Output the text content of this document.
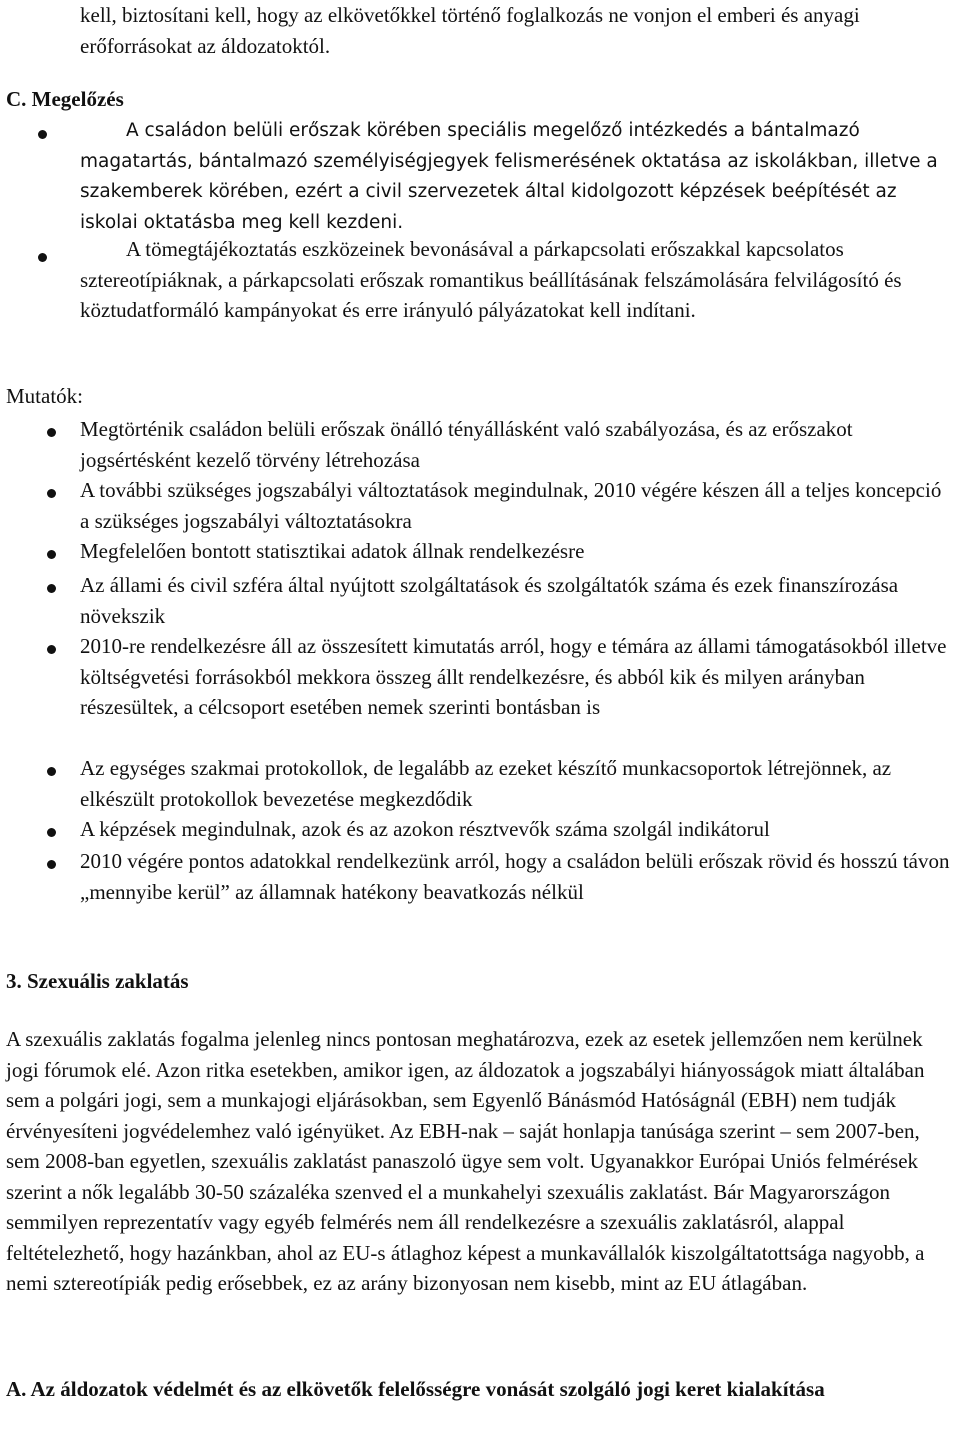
kell, biztosítani kell, hogy az elkövetőkkel történő foglalkozás ne vonjon el emberi és anyagi erőforrásokat az áldozatoktól.

C. Megelőzés

A családon belüli erőszak körében speciális megelőző intézkedés a bántalmazó magatartás, bántalmazó személyiségjegyek felismerésének oktatása az iskolákban, illetve a szakemberek körében, ezért a civil szervezetek által kidolgozott képzések beépítését az iskolai oktatásba meg kell kezdeni.

A tömegtájékoztatás eszközeinek bevonásával a párkapcsolati erőszakkal kapcsolatos sztereotípiáknak, a párkapcsolati erőszak romantikus beállításának felszámolására felvilágosító és köztudatformáló kampányokat és erre irányuló pályázatokat kell indítani.

Mutatók:

Megtörténik családon belüli erőszak önálló tényállásként való szabályozása, és az erőszakot jogsértésként kezelő törvény létrehozása

A további szükséges jogszabályi változtatások megindulnak, 2010 végére készen áll a teljes koncepció a szükséges jogszabályi változtatásokra

Megfelelően bontott statisztikai adatok állnak rendelkezésre

Az állami és civil szféra által nyújtott szolgáltatások és szolgáltatók száma és ezek finanszírozása növekszik

2010-re rendelkezésre áll az összesített kimutatás arról, hogy e témára az állami támogatásokból illetve költségvetési forrásokból mekkora összeg állt rendelkezésre, és abból kik és milyen arányban részesültek, a célcsoport esetében nemek szerinti bontásban is

Az egységes szakmai protokollok, de legalább az ezeket készítő munkacsoportok létrejönnek, az elkészült protokollok bevezetése megkezdődik

A képzések megindulnak, azok és az azokon résztvevők száma szolgál indikátorul

2010 végére pontos adatokkal rendelkezünk arról, hogy a családon belüli erőszak rövid és hosszú távon „mennyibe kerül” az államnak hatékony beavatkozás nélkül

3. Szexuális zaklatás

A szexuális zaklatás fogalma jelenleg nincs pontosan meghatározva, ezek az esetek jellemzően nem kerülnek jogi fórumok elé. Azon ritka esetekben, amikor igen, az áldozatok a jogszabályi hiányosságok miatt általában sem a polgári jogi, sem a munkajogi eljárásokban, sem Egyenlő Bánásmód Hatóságnál (EBH) nem tudják érvényesíteni jogvédelemhez való igényüket. Az EBH-nak – saját honlapja tanúsága szerint – sem 2007-ben, sem 2008-ban egyetlen, szexuális zaklatást panaszoló ügye sem volt. Ugyanakkor Európai Uniós felmérések szerint a nők legalább 30-50 százaléka szenved el a munkahelyi szexuális zaklatást. Bár Magyarországon semmilyen reprezentatív vagy egyéb felmérés nem áll rendelkezésre a szexuális zaklatásról, alappal feltételezhető, hogy hazánkban, ahol az EU-s átlaghoz képest a munkavállalók kiszolgáltatottsága nagyobb, a nemi sztereotípiák pedig erősebbek, ez az arány bizonyosan nem kisebb, mint az EU átlagában.

A. Az áldozatok védelmét és az elkövetők felelősségre vonását szolgáló jogi keret kialakítása
